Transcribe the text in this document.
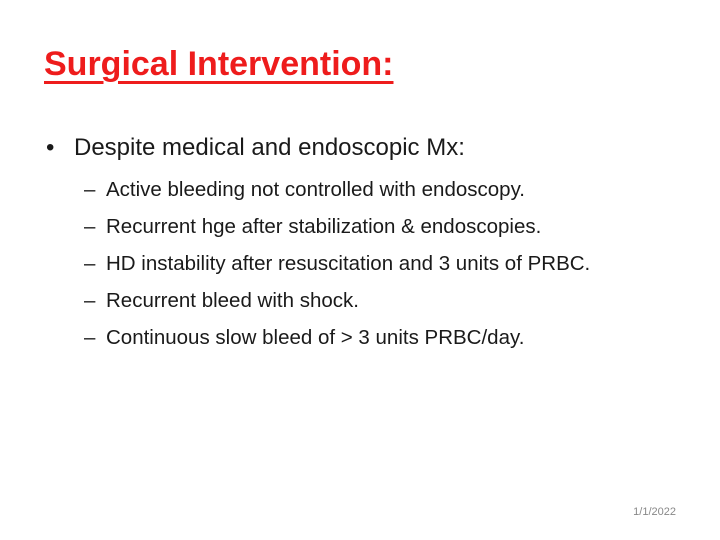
Surgical Intervention:
• Despite medical and endoscopic Mx:
– Active bleeding not controlled with endoscopy.
– Recurrent hge after stabilization & endoscopies.
– HD instability after resuscitation and 3 units of PRBC.
– Recurrent bleed with shock.
– Continuous slow bleed of > 3 units PRBC/day.
1/1/2022
